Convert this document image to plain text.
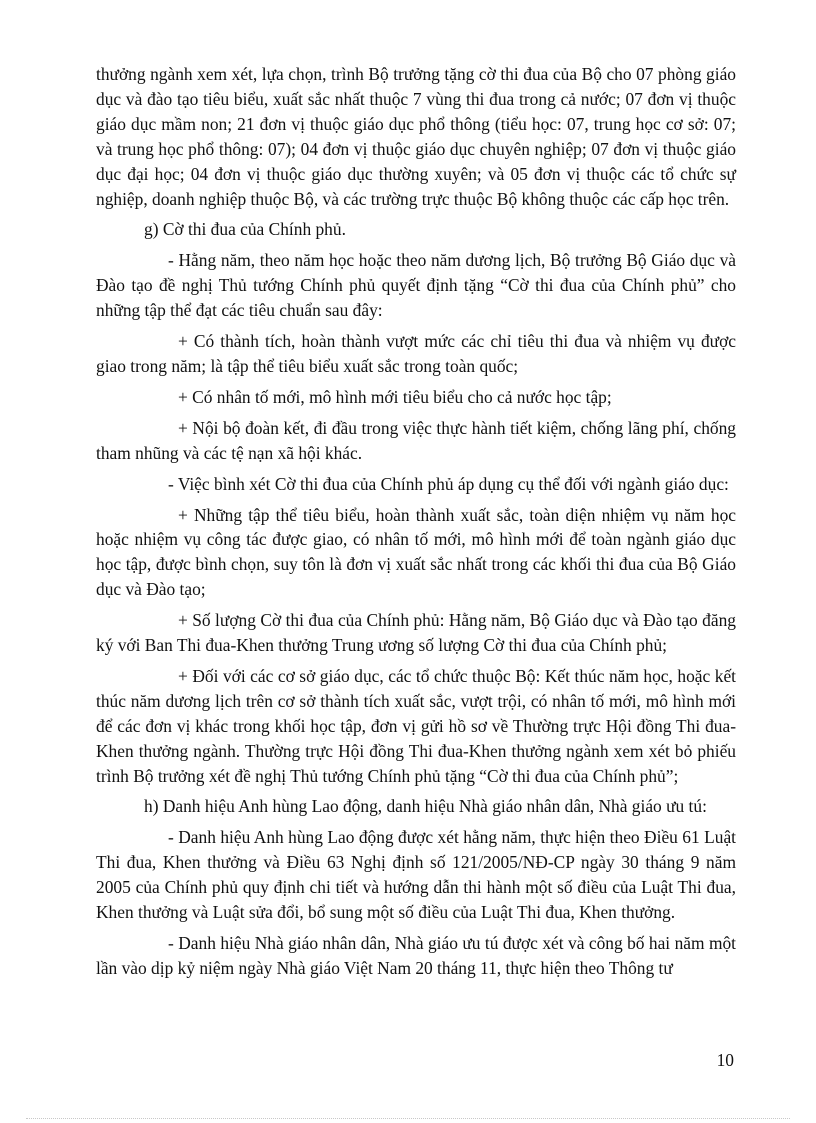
thưởng ngành xem xét, lựa chọn, trình Bộ trưởng tặng cờ thi đua của Bộ cho 07 phòng giáo dục và đào tạo tiêu biểu, xuất sắc nhất thuộc 7 vùng thi đua trong cả nước; 07 đơn vị thuộc giáo dục mầm non; 21 đơn vị thuộc giáo dục phổ thông (tiểu học: 07, trung học cơ sở: 07; và trung học phổ thông: 07); 04 đơn vị thuộc giáo dục chuyên nghiệp; 07 đơn vị thuộc giáo dục đại học; 04 đơn vị thuộc giáo dục thường xuyên; và 05 đơn vị thuộc các tổ chức sự nghiệp, doanh nghiệp thuộc Bộ, và các trường trực thuộc Bộ không thuộc các cấp học trên.

g) Cờ thi đua của Chính phủ.

- Hằng năm, theo năm học hoặc theo năm dương lịch, Bộ trưởng Bộ Giáo dục và Đào tạo đề nghị Thủ tướng Chính phủ quyết định tặng “Cờ thi đua của Chính phủ” cho những tập thể đạt các tiêu chuẩn sau đây:

+ Có thành tích, hoàn thành vượt mức các chỉ tiêu thi đua và nhiệm vụ được giao trong năm; là tập thể tiêu biểu xuất sắc trong toàn quốc;

+ Có nhân tố mới, mô hình mới tiêu biểu cho cả nước học tập;

+ Nội bộ đoàn kết, đi đầu trong việc thực hành tiết kiệm, chống lãng phí, chống tham nhũng và các tệ nạn xã hội khác.

- Việc bình xét Cờ thi đua của Chính phủ áp dụng cụ thể đối với ngành giáo dục:

+ Những tập thể tiêu biểu, hoàn thành xuất sắc, toàn diện nhiệm vụ năm học hoặc nhiệm vụ công tác được giao, có nhân tố mới, mô hình mới để toàn ngành giáo dục học tập, được bình chọn, suy tôn là đơn vị xuất sắc nhất trong các khối thi đua của Bộ Giáo dục và Đào tạo;

+ Số lượng Cờ thi đua của Chính phủ: Hằng năm, Bộ Giáo dục và Đào tạo đăng ký với Ban Thi đua-Khen thưởng Trung ương số lượng Cờ thi đua của Chính phủ;

+ Đối với các cơ sở giáo dục, các tổ chức thuộc Bộ: Kết thúc năm học, hoặc kết thúc năm dương lịch trên cơ sở thành tích xuất sắc, vượt trội, có nhân tố mới, mô hình mới để các đơn vị khác trong khối học tập, đơn vị gửi hồ sơ về Thường trực Hội đồng Thi đua-Khen thưởng ngành. Thường trực Hội đồng Thi đua-Khen thưởng ngành xem xét bỏ phiếu trình Bộ trưởng xét đề nghị Thủ tướng Chính phủ tặng “Cờ thi đua của Chính phủ”;

h) Danh hiệu Anh hùng Lao động, danh hiệu Nhà giáo nhân dân, Nhà giáo ưu tú:

- Danh hiệu Anh hùng Lao động được xét hằng năm, thực hiện theo Điều 61 Luật Thi đua, Khen thưởng và Điều 63 Nghị định số 121/2005/NĐ-CP ngày 30 tháng 9 năm 2005 của Chính phủ quy định chi tiết và hướng dẫn thi hành một số điều của Luật Thi đua, Khen thưởng và Luật sửa đổi, bổ sung một số điều của Luật Thi đua, Khen thưởng.

- Danh hiệu Nhà giáo nhân dân, Nhà giáo ưu tú được xét và công bố hai năm một lần vào dịp kỷ niệm ngày Nhà giáo Việt Nam 20 tháng 11, thực hiện theo Thông tư

10
